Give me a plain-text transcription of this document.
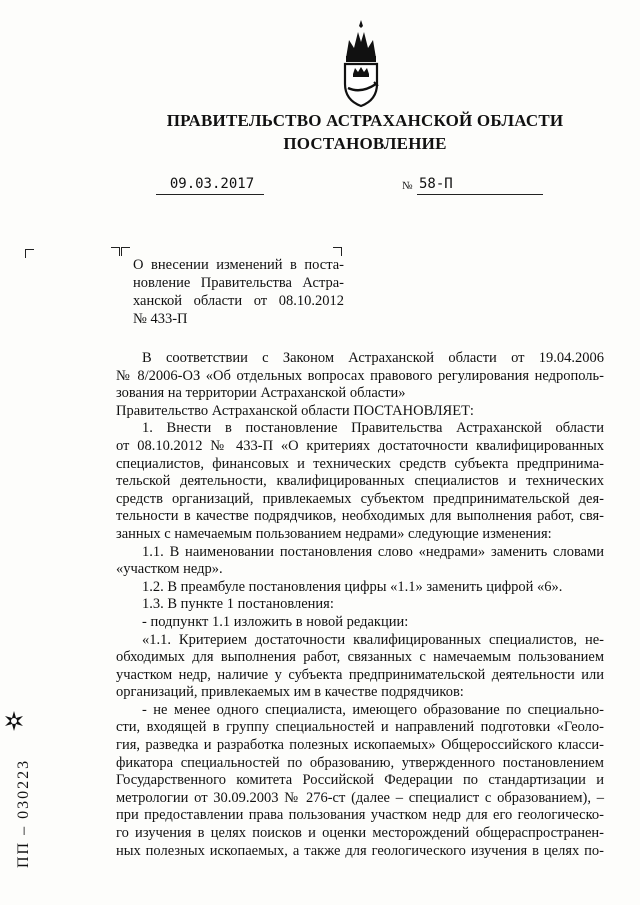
ПРАВИТЕЛЬСТВО АСТРАХАНСКОЙ ОБЛАСТИ
ПОСТАНОВЛЕНИЕ
09.03.2017	№ 58-П
О внесении изменений в поста-
новление Правительства Астра-
ханской области от 08.10.2012
№ 433-П
В соответствии с Законом Астраханской области от 19.04.2006
№ 8/2006-ОЗ «Об отдельных вопросах правового регулирования недрополь-
зования на территории Астраханской области»
Правительство Астраханской области ПОСТАНОВЛЯЕТ:
1. Внести в постановление Правительства Астраханской области
от 08.10.2012 № 433-П «О критериях достаточности квалифицированных
специалистов, финансовых и технических средств субъекта предпринима-
тельской деятельности, квалифицированных специалистов и технических
средств организаций, привлекаемых субъектом предпринимательской дея-
тельности в качестве подрядчиков, необходимых для выполнения работ, свя-
занных с намечаемым пользованием недрами» следующие изменения:
1.1. В наименовании постановления слово «недрами» заменить словами
«участком недр».
1.2. В преамбуле постановления цифры «1.1» заменить цифрой «6».
1.3. В пункте 1 постановления:
- подпункт 1.1 изложить в новой редакции:
«1.1. Критерием достаточности квалифицированных специалистов, не-
обходимых для выполнения работ, связанных с намечаемым пользованием
участком недр, наличие у субъекта предпринимательской деятельности или
организаций, привлекаемых им в качестве подрядчиков:
- не менее одного специалиста, имеющего образование по специально-
сти, входящей в группу специальностей и направлений подготовки «Геоло-
гия, разведка и разработка полезных ископаемых» Общероссийского класси-
фикатора специальностей по образованию, утвержденного постановлением
Государственного комитета Российской Федерации по стандартизации и
метрологии от 30.09.2003 № 276-ст (далее – специалист с образованием), –
при предоставлении права пользования участком недр для его геологическо-
го изучения в целях поисков и оценки месторождений общераспространен-
ных полезных ископаемых, а также для геологического изучения в целях по-
ПП – 030223
